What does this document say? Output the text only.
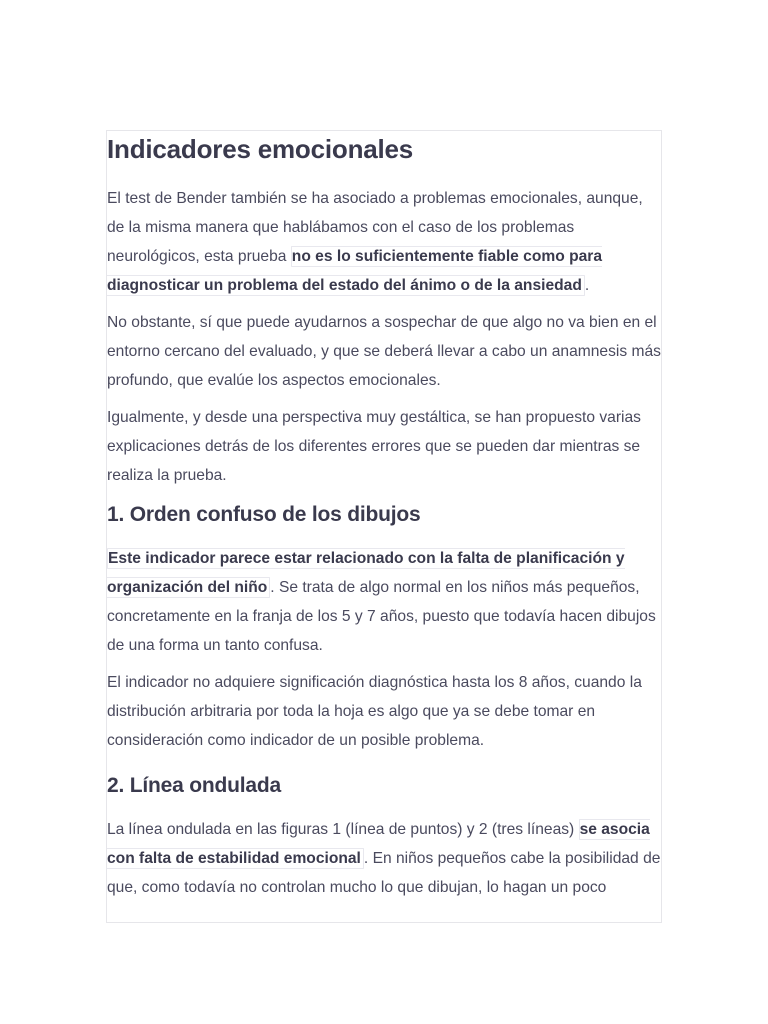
Indicadores emocionales

El test de Bender también se ha asociado a problemas emocionales, aunque, de la misma manera que hablábamos con el caso de los problemas neurológicos, esta prueba no es lo suficientemente fiable como para diagnosticar un problema del estado del ánimo o de la ansiedad .

No obstante, sí que puede ayudarnos a sospechar de que algo no va bien en el entorno cercano del evaluado, y que se deberá llevar a cabo un anamnesis más profundo, que evalúe los aspectos emocionales.

Igualmente, y desde una perspectiva muy gestáltica, se han propuesto varias explicaciones detrás de los diferentes errores que se pueden dar mientras se realiza la prueba.

1. Orden confuso de los dibujos

Este indicador parece estar relacionado con la falta de planificación y organización del niño . Se trata de algo normal en los niños más pequeños, concretamente en la franja de los 5 y 7 años, puesto que todavía hacen dibujos de una forma un tanto confusa.

El indicador no adquiere significación diagnóstica hasta los 8 años, cuando la distribución arbitraria por toda la hoja es algo que ya se debe tomar en consideración como indicador de un posible problema.

2. Línea ondulada

La línea ondulada en las figuras 1 (línea de puntos) y 2 (tres líneas) se asocia con falta de estabilidad emocional . En niños pequeños cabe la posibilidad de que, como todavía no controlan mucho lo que dibujan, lo hagan un poco
